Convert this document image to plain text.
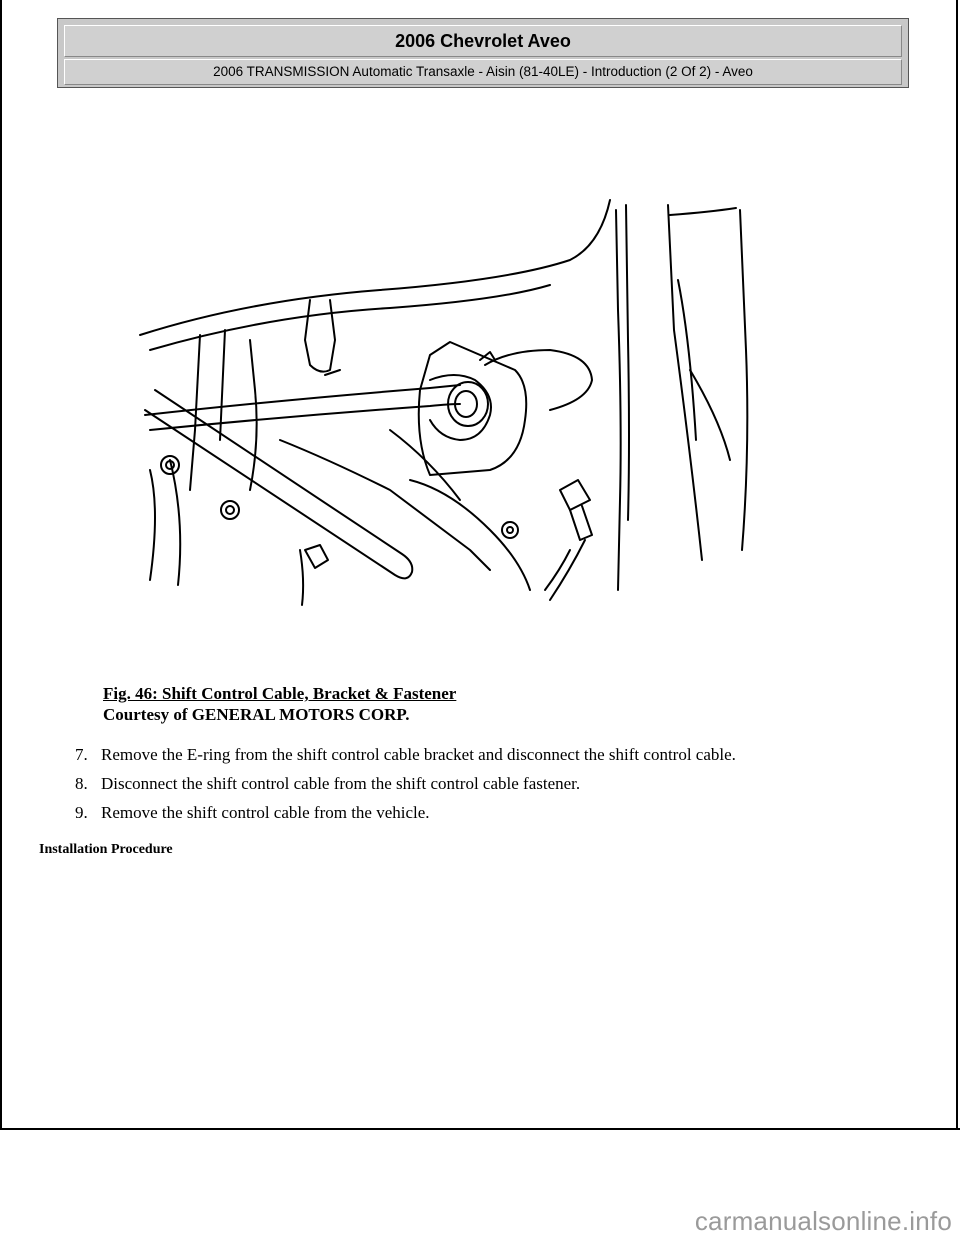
2006 Chevrolet Aveo
2006 TRANSMISSION Automatic Transaxle - Aisin (81-40LE) - Introduction (2 Of 2) - Aveo
Fig. 46: Shift Control Cable, Bracket & Fastener
Courtesy of GENERAL MOTORS CORP.
7. Remove the E-ring from the shift control cable bracket and disconnect the shift control cable.
8. Disconnect the shift control cable from the shift control cable fastener.
9. Remove the shift control cable from the vehicle.
Installation Procedure
carmanualsonline.info
